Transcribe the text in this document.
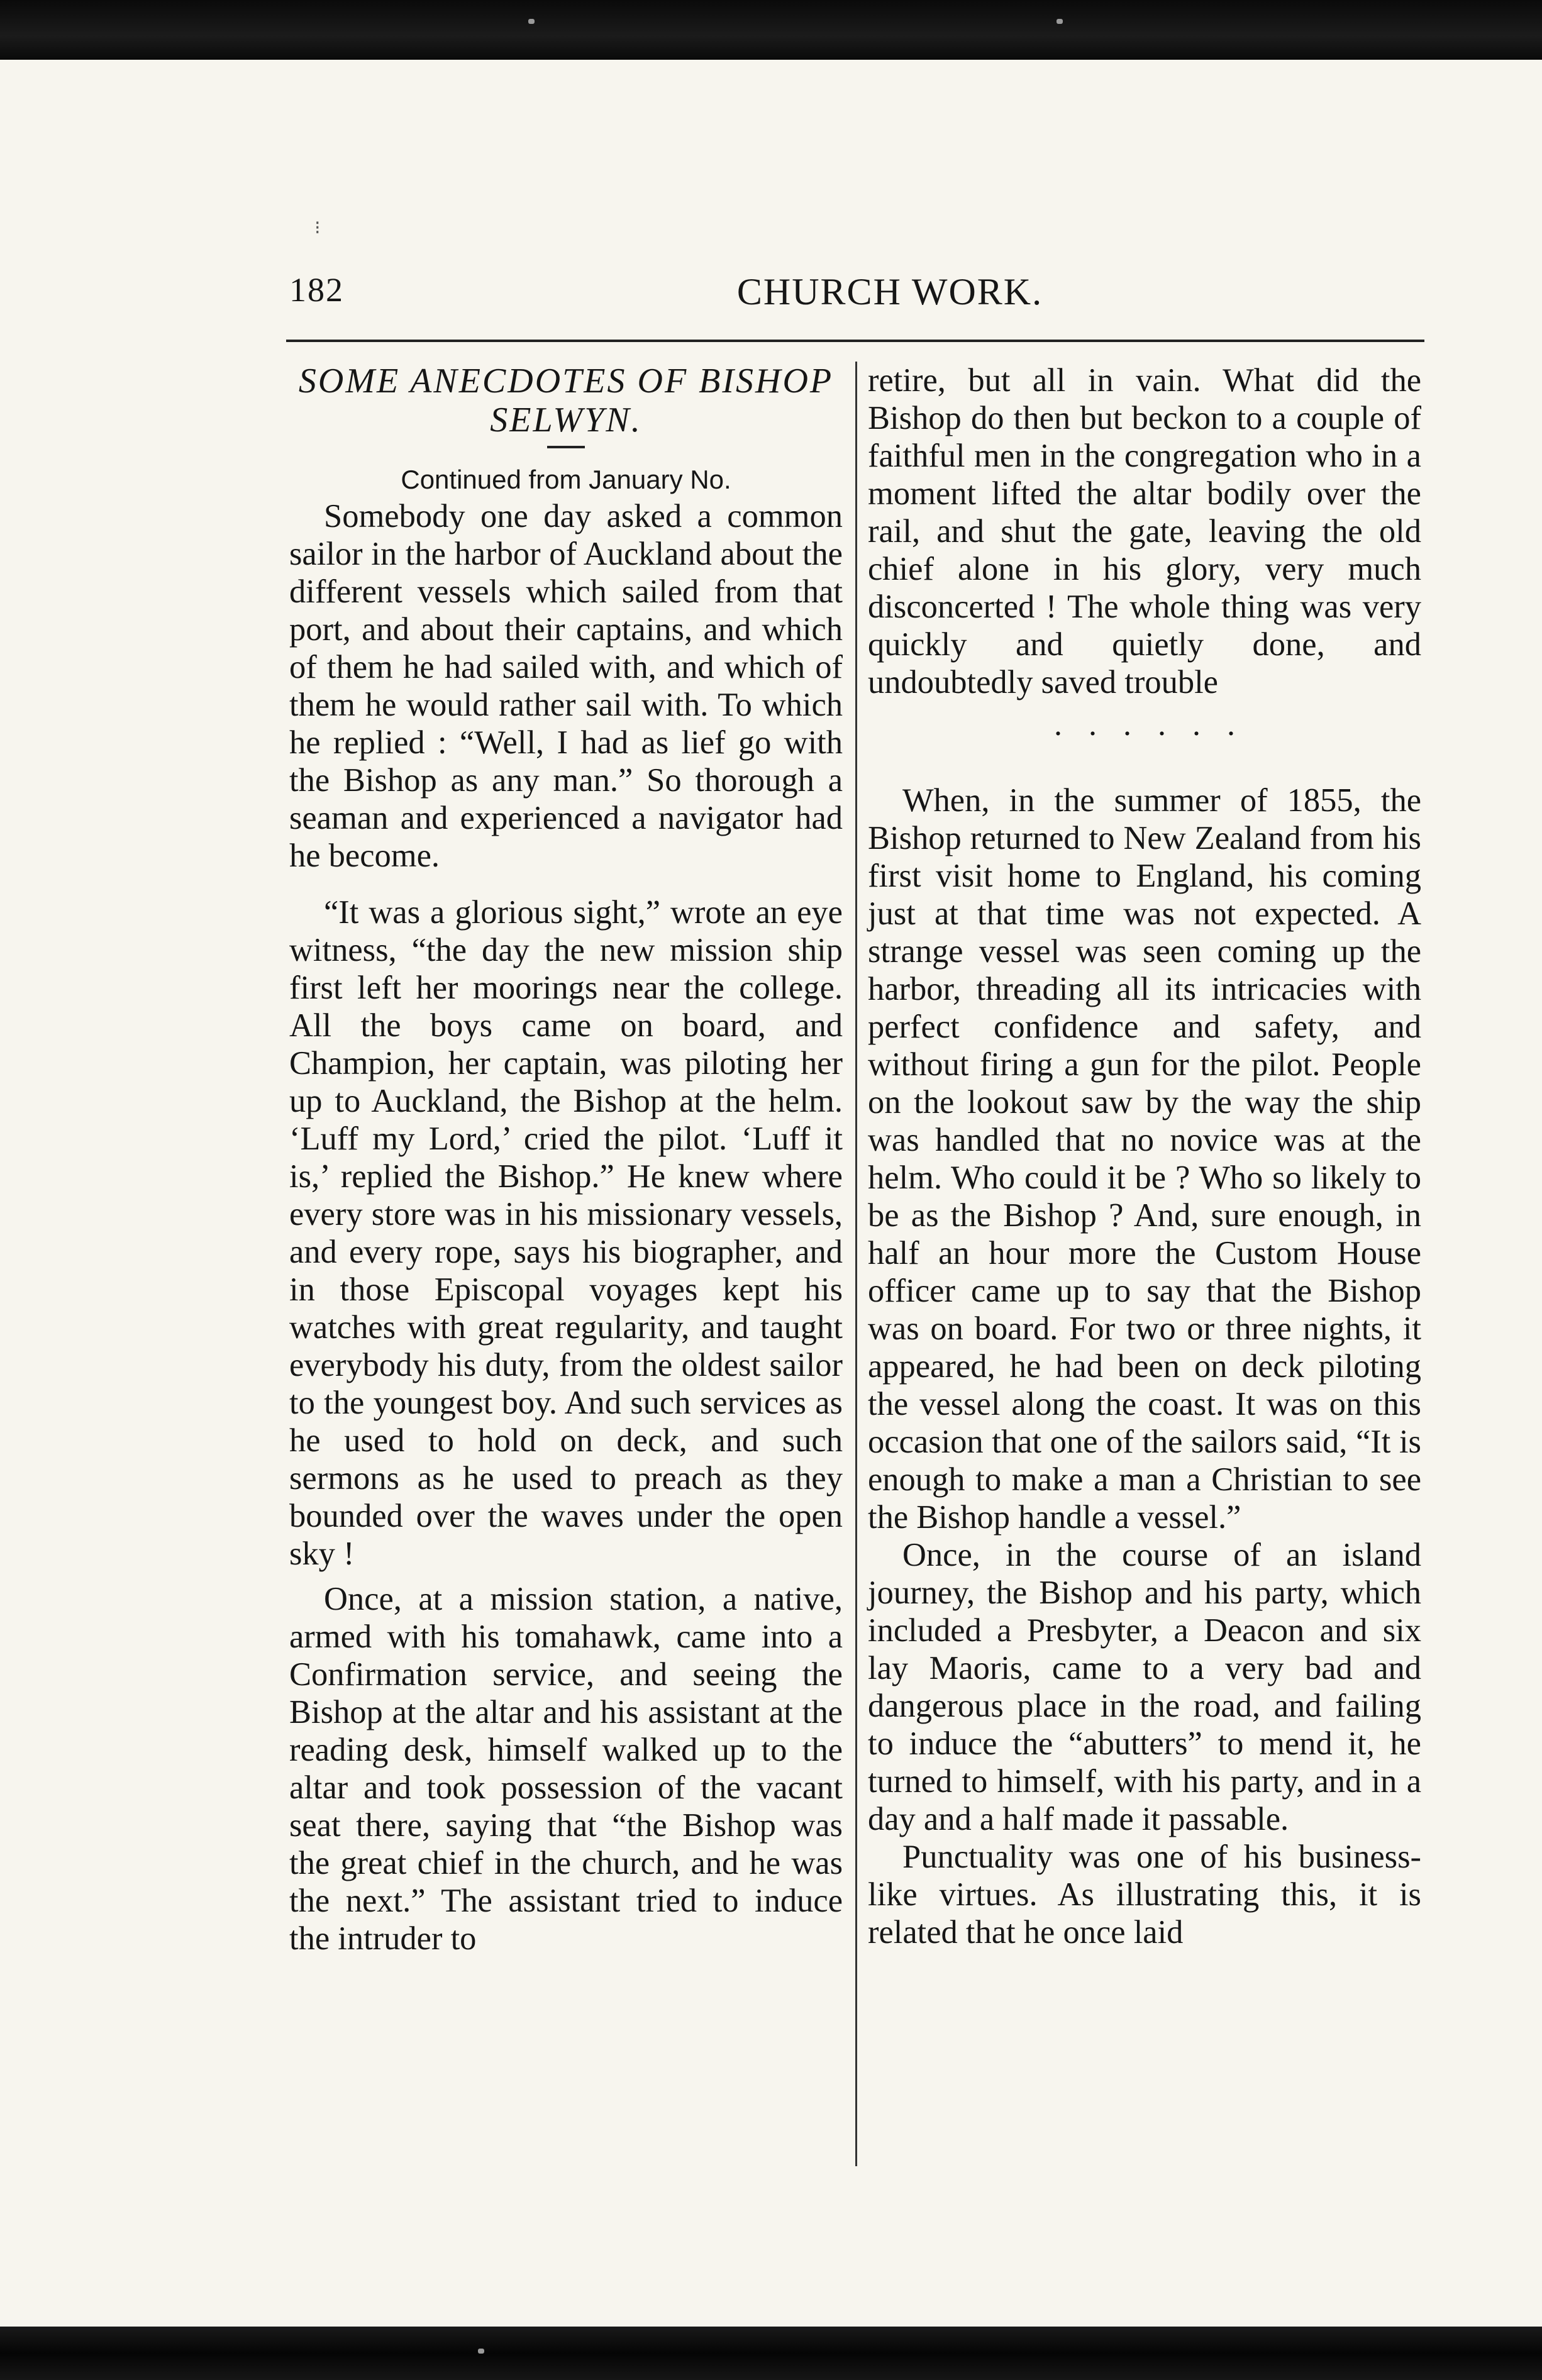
⁝
182	CHURCH WORK.

SOME ANECDOTES OF BISHOP SELWYN.

Continued from January No.

Somebody one day asked a common sailor in the harbor of Auckland about the different vessels which sailed from that port, and about their captains, and which of them he had sailed with, and which of them he would rather sail with. To which he replied : “Well, I had as lief go with the Bishop as any man.” So thorough a seaman and experienced a navigator had he become.

“It was a glorious sight,” wrote an eye witness, “the day the new mission ship first left her moorings near the college. All the boys came on board, and Champion, her captain, was piloting her up to Auckland, the Bishop at the helm. ‘Luff my Lord,’ cried the pilot. ‘Luff it is,’ replied the Bishop.” He knew where every store was in his missionary vessels, and every rope, says his biographer, and in those Episcopal voyages kept his watches with great regularity, and taught everybody his duty, from the oldest sailor to the youngest boy. And such services as he used to hold on deck, and such sermons as he used to preach as they bounded over the waves under the open sky !

Once, at a mission station, a native, armed with his tomahawk, came into a Confirmation service, and seeing the Bishop at the altar and his assistant at the reading desk, himself walked up to the altar and took possession of the vacant seat there, saying that “the Bishop was the great chief in the church, and he was the next.” The assistant tried to induce the intruder to

retire, but all in vain. What did the Bishop do then but beckon to a couple of faithful men in the congregation who in a moment lifted the altar bodily over the rail, and shut the gate, leaving the old chief alone in his glory, very much disconcerted ! The whole thing was very quickly and quietly done, and undoubtedly saved trouble

......

When, in the summer of 1855, the Bishop returned to New Zealand from his first visit home to England, his coming just at that time was not expected. A strange vessel was seen coming up the harbor, threading all its intricacies with perfect confidence and safety, and without firing a gun for the pilot. People on the lookout saw by the way the ship was handled that no novice was at the helm. Who could it be ? Who so likely to be as the Bishop ? And, sure enough, in half an hour more the Custom House officer came up to say that the Bishop was on board. For two or three nights, it appeared, he had been on deck piloting the vessel along the coast. It was on this occasion that one of the sailors said, “It is enough to make a man a Christian to see the Bishop handle a vessel.”

Once, in the course of an island journey, the Bishop and his party, which included a Presbyter, a Deacon and six lay Maoris, came to a very bad and dangerous place in the road, and failing to induce the “abutters” to mend it, he turned to himself, with his party, and in a day and a half made it passable.

Punctuality was one of his business-like virtues. As illustrating this, it is related that he once laid
